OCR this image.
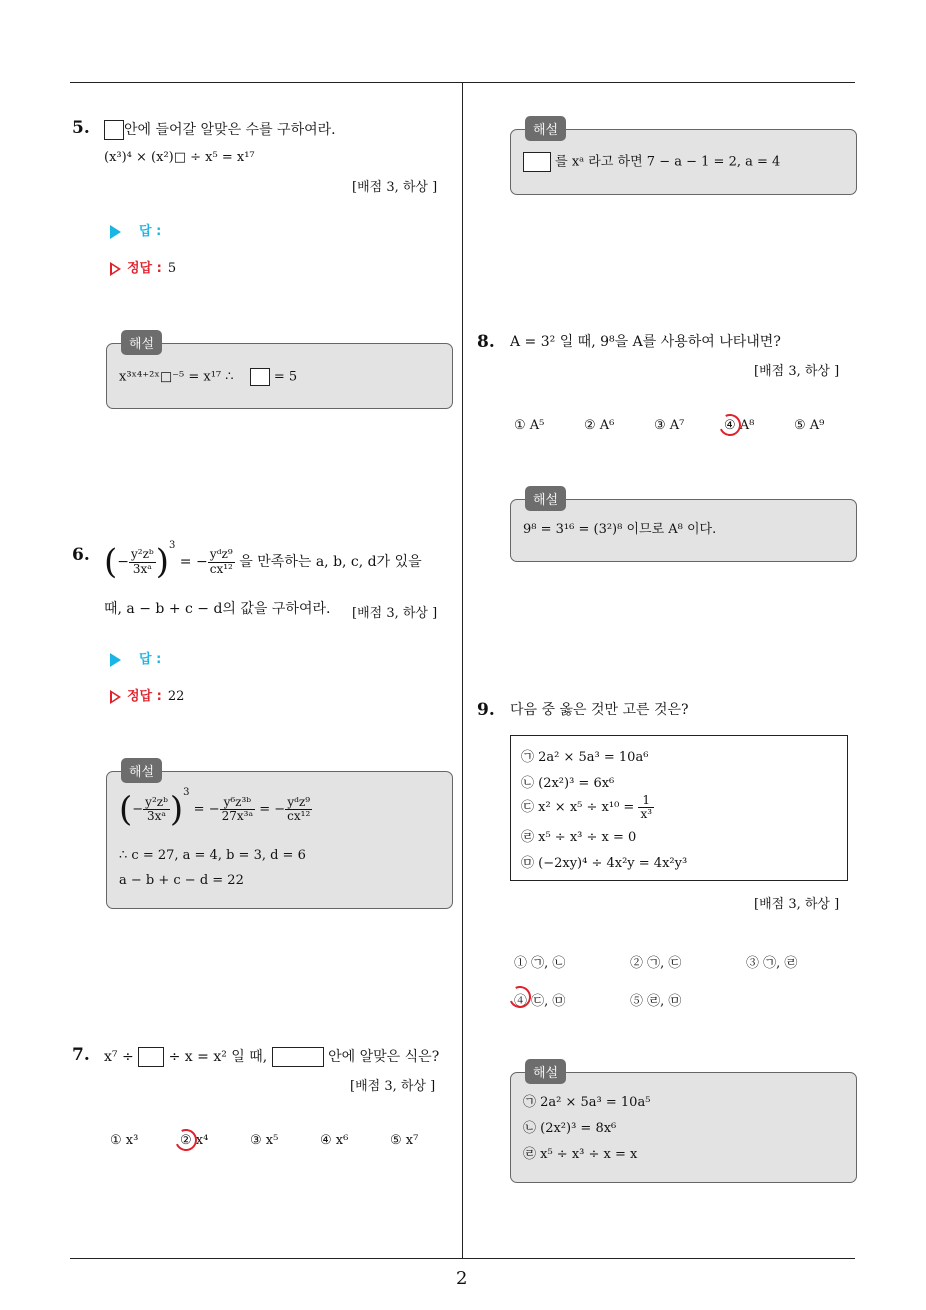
2
5.	안에 들어갈 알맞은 수를 구하여라.
(x³)⁴ × (x²)□ ÷ x⁵ = x¹⁷
[배점 3, 하상 ]
답 :
정답 : 5
해설
x³ˣ⁴⁺²ˣ□⁻⁵ = x¹⁷ ∴	= 5
6. (− $\frac{\text{y²zᵇ}}{\text{3xᵃ}} )^3$ = − $\frac{\text{yᵈz⁹}}{\text{cx¹²}}$ 을 만족하는 a, b, c, d가 있을
때, a − b + c − d의 값을 구하여라. [배점 3, 하상 ]
답 :
정답 : 22
해설
(− $\frac{\text{y²zᵇ}}{\text{3xᵃ}} )^3$ = − $\frac{\text{y⁶z³ᵇ}}{\text{27x³ᵃ}}$ = − $\frac{\text{yᵈz⁹}}{\text{cx¹²}}$
∴ c = 27, a = 4, b = 3, d = 6
a − b + c − d = 22
7. x⁷ ÷ ÷ x = x² 일 때,	안에 알맞은 식은?
[배점 3, 하상 ]
① x³	② x⁴	③ x⁵	④ x⁶	⑤ x⁷
해설
를 xᵃ 라고 하면 7 − a − 1 = 2, a = 4
8. A = 3² 일 때, 9⁸을 A를 사용하여 나타내면?
[배점 3, 하상 ]
① A⁵	② A⁶	③ A⁷	④ A⁸	⑤ A⁹
해설
9⁸ = 3¹⁶ = (3²)⁸ 이므로 A⁸ 이다.
9. 다음 중 옳은 것만 고른 것은?
㉠ 2a² × 5a³ = 10a⁶
㉡ (2x²)³ = 6x⁶
㉢ $x^2 \times x^5 \div x^{10} = \frac{1}{\text{x³}}$
㉣ x⁵ ÷ x³ ÷ x = 0
㉤ (−2xy)⁴ ÷ 4x²y = 4x²y³
[배점 3, 하상 ]
① ㉠, ㉡	② ㉠, ㉢	③ ㉠, ㉣
④ ㉢, ㉤	⑤ ㉣, ㉤
해설
㉠ 2a² × 5a³ = 10a⁵
㉡ (2x²)³ = 8x⁶
㉣ x⁵ ÷ x³ ÷ x = x
